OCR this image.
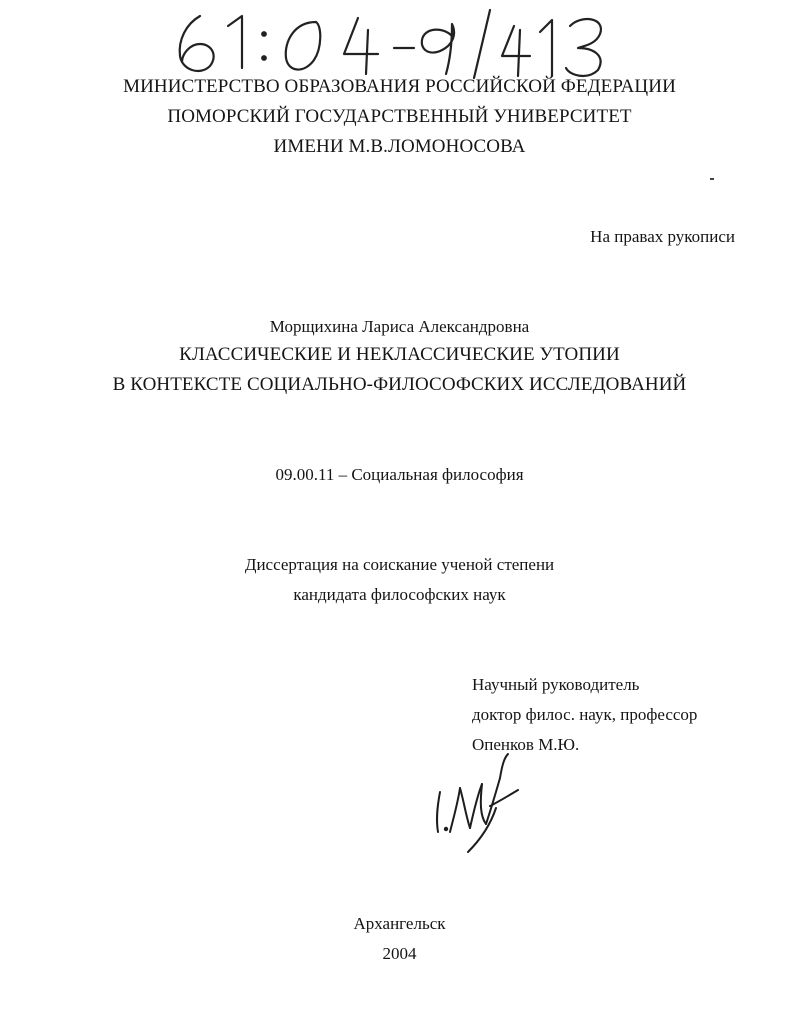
МИНИСТЕРСТВО ОБРАЗОВАНИЯ РОССИЙСКОЙ ФЕДЕРАЦИИ
ПОМОРСКИЙ ГОСУДАРСТВЕННЫЙ УНИВЕРСИТЕТ
ИМЕНИ М.В.ЛОМОНОСОВА
На правах рукописи
Морщихина Лариса Александровна
КЛАССИЧЕСКИЕ И НЕКЛАССИЧЕСКИЕ УТОПИИ
В КОНТЕКСТЕ СОЦИАЛЬНО-ФИЛОСОФСКИХ ИССЛЕДОВАНИЙ
09.00.11 – Социальная философия
Диссертация на соискание ученой степени
кандидата философских наук
Научный руководитель
доктор филос. наук, профессор
Опенков М.Ю.
Архангельск
2004
